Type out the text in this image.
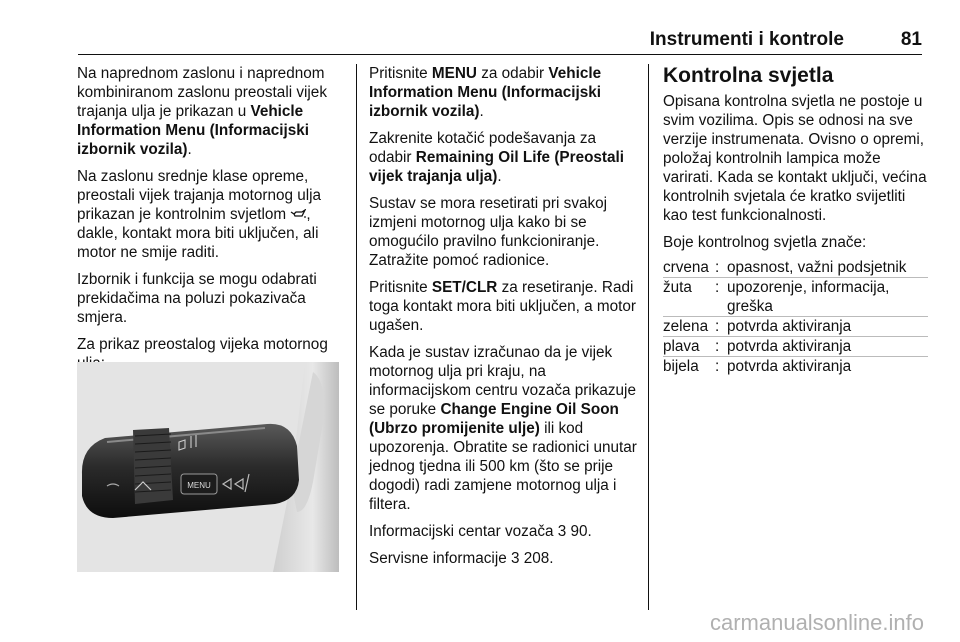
Instrumenti i kontrole	81

Na naprednom zaslonu i naprednom kombiniranom zaslonu preostali vijek trajanja ulja je prikazan u Vehicle Information Menu (Informacijski izbornik vozila).

Na zaslonu srednje klase opreme, preostali vijek trajanja motornog ulja prikazan je kontrolnim svjetlom , dakle, kontakt mora biti uključen, ali motor ne smije raditi.

Izbornik i funkcija se mogu odabrati prekidačima na poluzi pokazivača smjera.

Za prikaz preostalog vijeka motornog

MENU

Pritisnite MENU za odabir Vehicle Information Menu (Informacijski izbornik vozila).

Zakrenite kotačić podešavanja za odabir Remaining Oil Life (Preostali vijek trajanja ulja).

Sustav se mora resetirati pri svakoj izmjeni motornog ulja kako bi se omogućilo pravilno funkcioniranje. Zatražite pomoć radionice.

Pritisnite SET/CLR za resetiranje. Radi toga kontakt mora biti uključen, a motor ugašen.

Kada je sustav izračunao da je vijek motornog ulja pri kraju, na informacijskom centru vozača prikazuje se poruke Change Engine Oil Soon (Ubrzo promijenite ulje) ili kod upozorenja. Obratite se radionici unutar jednog tjedna ili 500 km (što se prije dogodi) radi zamjene motornog ulja i filtera.

Informacijski centar vozača 3 90.

Servisne informacije 3 208.

Kontrolna svjetla

Opisana kontrolna svjetla ne postoje u svim vozilima. Opis se odnosi na sve verzije instrumenata. Ovisno o opremi, položaj kontrolnih lampica može varirati. Kada se kontakt uključi, većina kontrolnih svjetala će kratko svijetliti kao test funkcionalnosti.

Boje kontrolnog svjetla znače:

crvena	:	opasnost, važni podsjetnik
žuta	:	upozorenje, informacija, greška
zelena	:	potvrda aktiviranja
plava	:	potvrda aktiviranja
bijela	:	potvrda aktiviranja
carmanualsonline.info
